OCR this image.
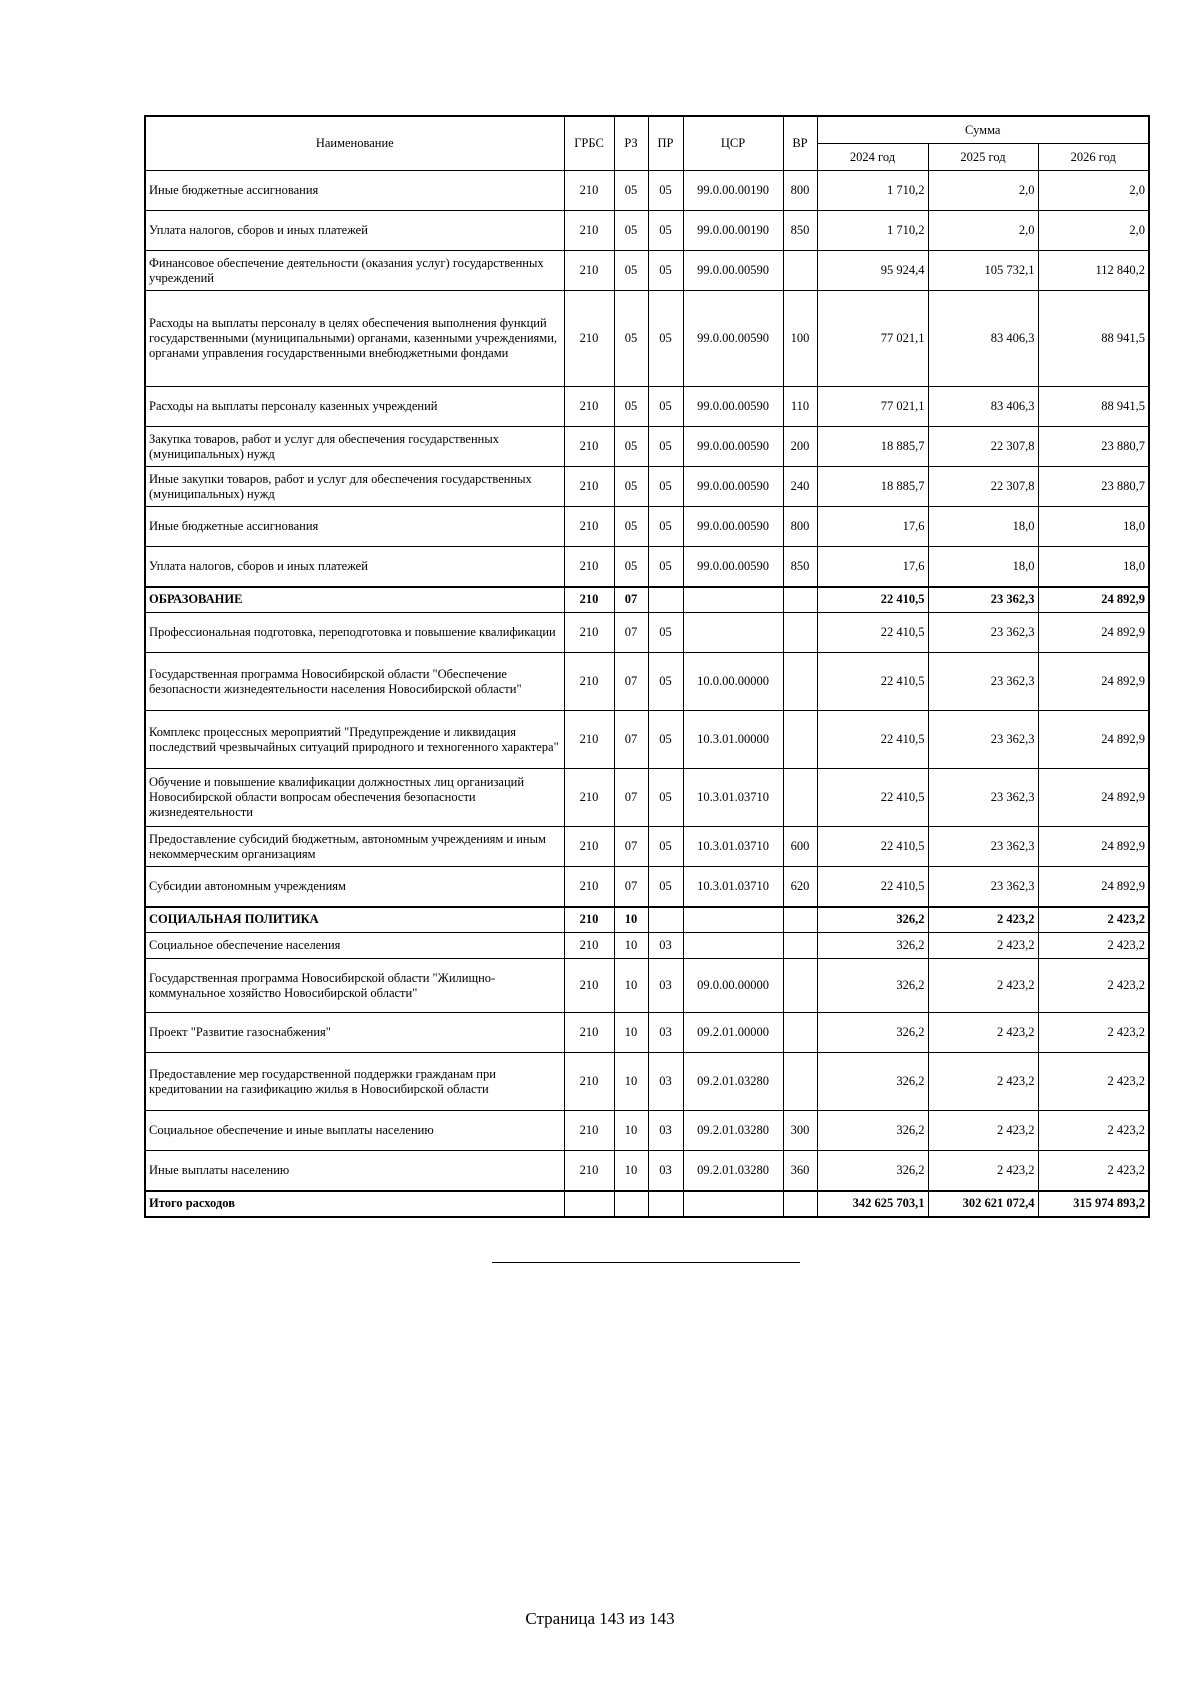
Наименование	ГРБС	РЗ	ПР	ЦСР	ВР	Сумма		
						2024 год	2025 год	2026 год
Иные бюджетные ассигнования	210	05	05	99.0.00.00190	800	1 710,2	2,0	2,0
Уплата налогов, сборов и иных платежей	210	05	05	99.0.00.00190	850	1 710,2	2,0	2,0
Финансовое обеспечение деятельности (оказания услуг) государственных учреждений	210	05	05	99.0.00.00590		95 924,4	105 732,1	112 840,2
Расходы на выплаты персоналу в целях обеспечения выполнения функций государственными (муниципальными) органами, казенными учреждениями, органами управления государственными внебюджетными фондами	210	05	05	99.0.00.00590	100	77 021,1	83 406,3	88 941,5
Расходы на выплаты персоналу казенных учреждений	210	05	05	99.0.00.00590	110	77 021,1	83 406,3	88 941,5
Закупка товаров, работ и услуг для обеспечения государственных (муниципальных) нужд	210	05	05	99.0.00.00590	200	18 885,7	22 307,8	23 880,7
Иные закупки товаров, работ и услуг для обеспечения государственных (муниципальных) нужд	210	05	05	99.0.00.00590	240	18 885,7	22 307,8	23 880,7
Иные бюджетные ассигнования	210	05	05	99.0.00.00590	800	17,6	18,0	18,0
Уплата налогов, сборов и иных платежей	210	05	05	99.0.00.00590	850	17,6	18,0	18,0
ОБРАЗОВАНИЕ	210	07				22 410,5	23 362,3	24 892,9
Профессиональная подготовка, переподготовка и повышение квалификации	210	07	05			22 410,5	23 362,3	24 892,9
Государственная программа Новосибирской области "Обеспечение безопасности жизнедеятельности населения Новосибирской области"	210	07	05	10.0.00.00000		22 410,5	23 362,3	24 892,9
Комплекс процессных мероприятий "Предупреждение и ликвидация последствий чрезвычайных ситуаций природного и техногенного характера"	210	07	05	10.3.01.00000		22 410,5	23 362,3	24 892,9
Обучение и повышение квалификации должностных лиц организаций Новосибирской области вопросам обеспечения безопасности жизнедеятельности	210	07	05	10.3.01.03710		22 410,5	23 362,3	24 892,9
Предоставление субсидий бюджетным, автономным учреждениям и иным некоммерческим организациям	210	07	05	10.3.01.03710	600	22 410,5	23 362,3	24 892,9
Субсидии автономным учреждениям	210	07	05	10.3.01.03710	620	22 410,5	23 362,3	24 892,9
СОЦИАЛЬНАЯ ПОЛИТИКА	210	10				326,2	2 423,2	2 423,2
Социальное обеспечение населения	210	10	03			326,2	2 423,2	2 423,2
Государственная программа Новосибирской области "Жилищно-коммунальное хозяйство Новосибирской области"	210	10	03	09.0.00.00000		326,2	2 423,2	2 423,2
Проект "Развитие газоснабжения"	210	10	03	09.2.01.00000		326,2	2 423,2	2 423,2
Предоставление мер государственной поддержки гражданам при кредитовании на газификацию жилья в Новосибирской области	210	10	03	09.2.01.03280		326,2	2 423,2	2 423,2
Социальное обеспечение и иные выплаты населению	210	10	03	09.2.01.03280	300	326,2	2 423,2	2 423,2
Иные выплаты населению	210	10	03	09.2.01.03280	360	326,2	2 423,2	2 423,2
Итого расходов						342 625 703,1	302 621 072,4	315 974 893,2
Страница 143 из 143
